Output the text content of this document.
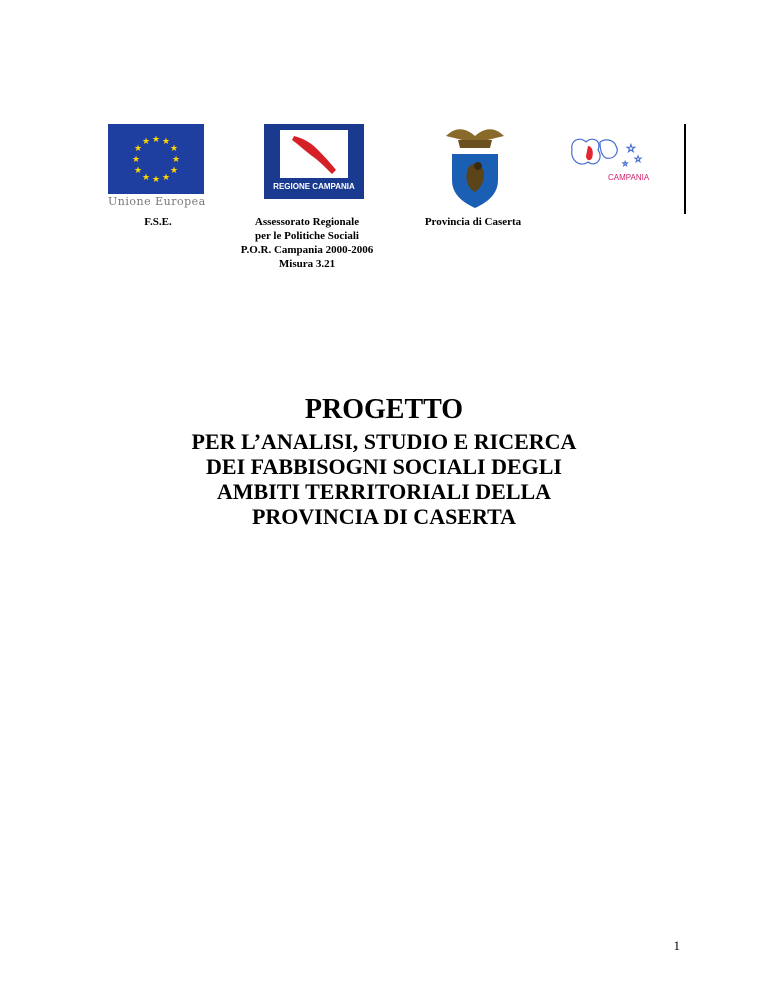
★ ★
★
★
★
★
★
★
★
★
★
★
Unione Europea
REGIONE CAMPANIA
☆
☆
☆
CAMPANIA
F.S.E.	Assessorato Regionale
per le Politiche Sociali
P.O.R. Campania 2000-2006
Misura 3.21
Provincia di Caserta
PROGETTO
PER L’ANALISI, STUDIO E RICERCA
DEI FABBISOGNI SOCIALI DEGLI
AMBITI TERRITORIALI DELLA
PROVINCIA DI CASERTA
1
